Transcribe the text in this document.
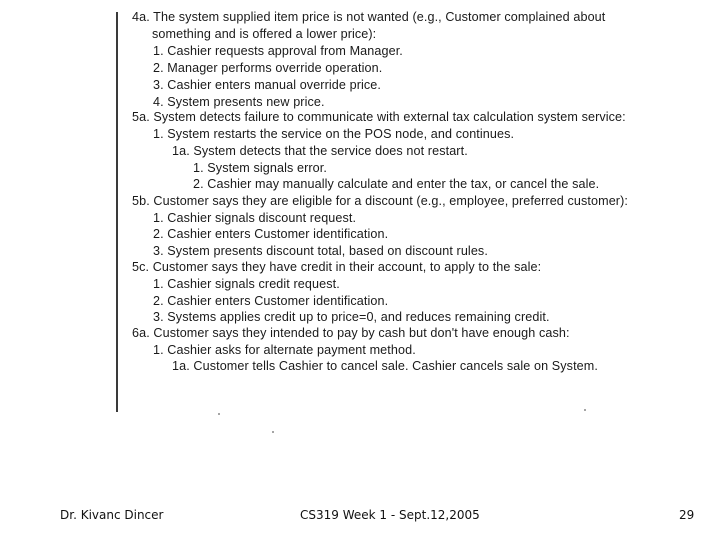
4a. The system supplied item price is not wanted (e.g., Customer complained about
something and is offered a lower price):
1. Cashier requests approval from Manager.
2. Manager performs override operation.
3. Cashier enters manual override price.
4. System presents new price.
5a. System detects failure to communicate with external tax calculation system service:
1. System restarts the service on the POS node, and continues.
1a. System detects that the service does not restart.
1. System signals error.
2. Cashier may manually calculate and enter the tax, or cancel the sale.
5b. Customer says they are eligible for a discount (e.g., employee, preferred customer):
1. Cashier signals discount request.
2. Cashier enters Customer identification.
3. System presents discount total, based on discount rules.
5c. Customer says they have credit in their account, to apply to the sale:
1. Cashier signals credit request.
2. Cashier enters Customer identification.
3. Systems applies credit up to price=0, and reduces remaining credit.
6a. Customer says they intended to pay by cash but don't have enough cash:
1. Cashier asks for alternate payment method.
1a. Customer tells Cashier to cancel sale. Cashier cancels sale on System.
Dr. Kivanc Dincer	CS319 Week 1 - Sept.12,2005	29
